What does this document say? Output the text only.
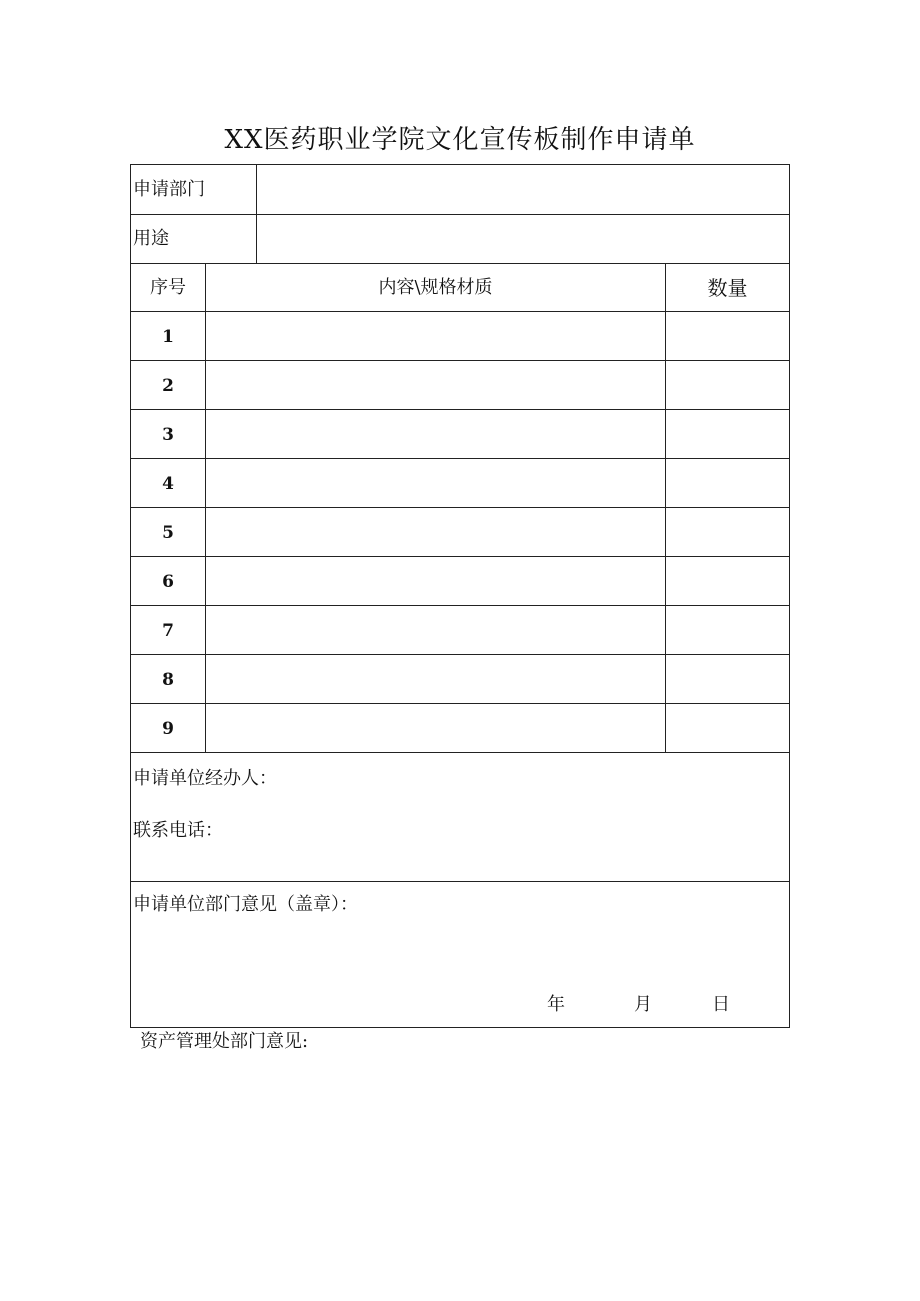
XX医药职业学院文化宣传板制作申请单
申请部门
用途
序号	内容\规格材质	数量
1
2
3
4
5
6
7
8
9
申请单位经办人：
联系电话：
申请单位部门意见（盖章）：
年	月	日
资产管理处部门意见:
